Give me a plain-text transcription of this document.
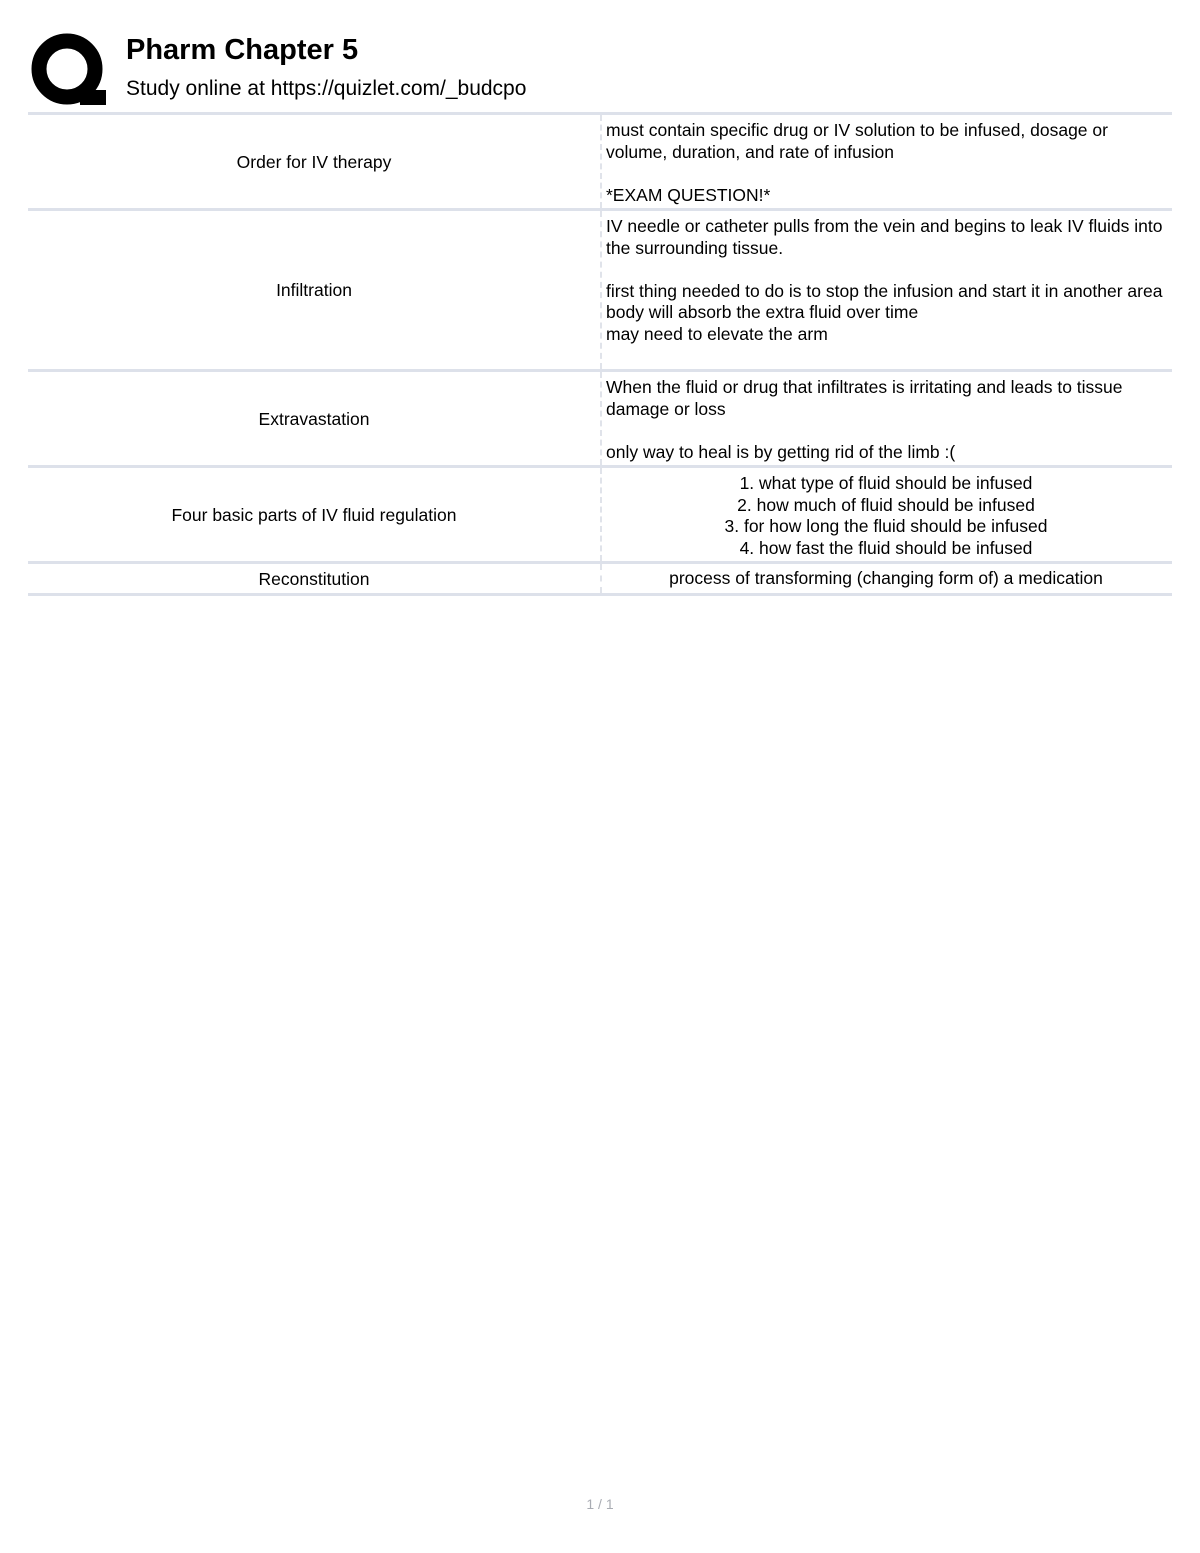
Pharm Chapter 5
Study online at https://quizlet.com/_budcpo
Order for IV therapy

must contain specific drug or IV solution to be infused, dosage or volume, duration, and rate of infusion

*EXAM QUESTION!*

Infiltration

IV needle or catheter pulls from the vein and begins to leak IV fluids into the surrounding tissue.

first thing needed to do is to stop the infusion and start it in another area
body will absorb the extra fluid over time
may need to elevate the arm

Extravastation

When the fluid or drug that infiltrates is irritating and leads to tissue damage or loss

only way to heal is by getting rid of the limb :(

Four basic parts of IV fluid regulation

1. what type of fluid should be infused
2. how much of fluid should be infused
3. for how long the fluid should be infused
4. how fast the fluid should be infused

Reconstitution	process of transforming (changing form of) a medication

1 / 1
